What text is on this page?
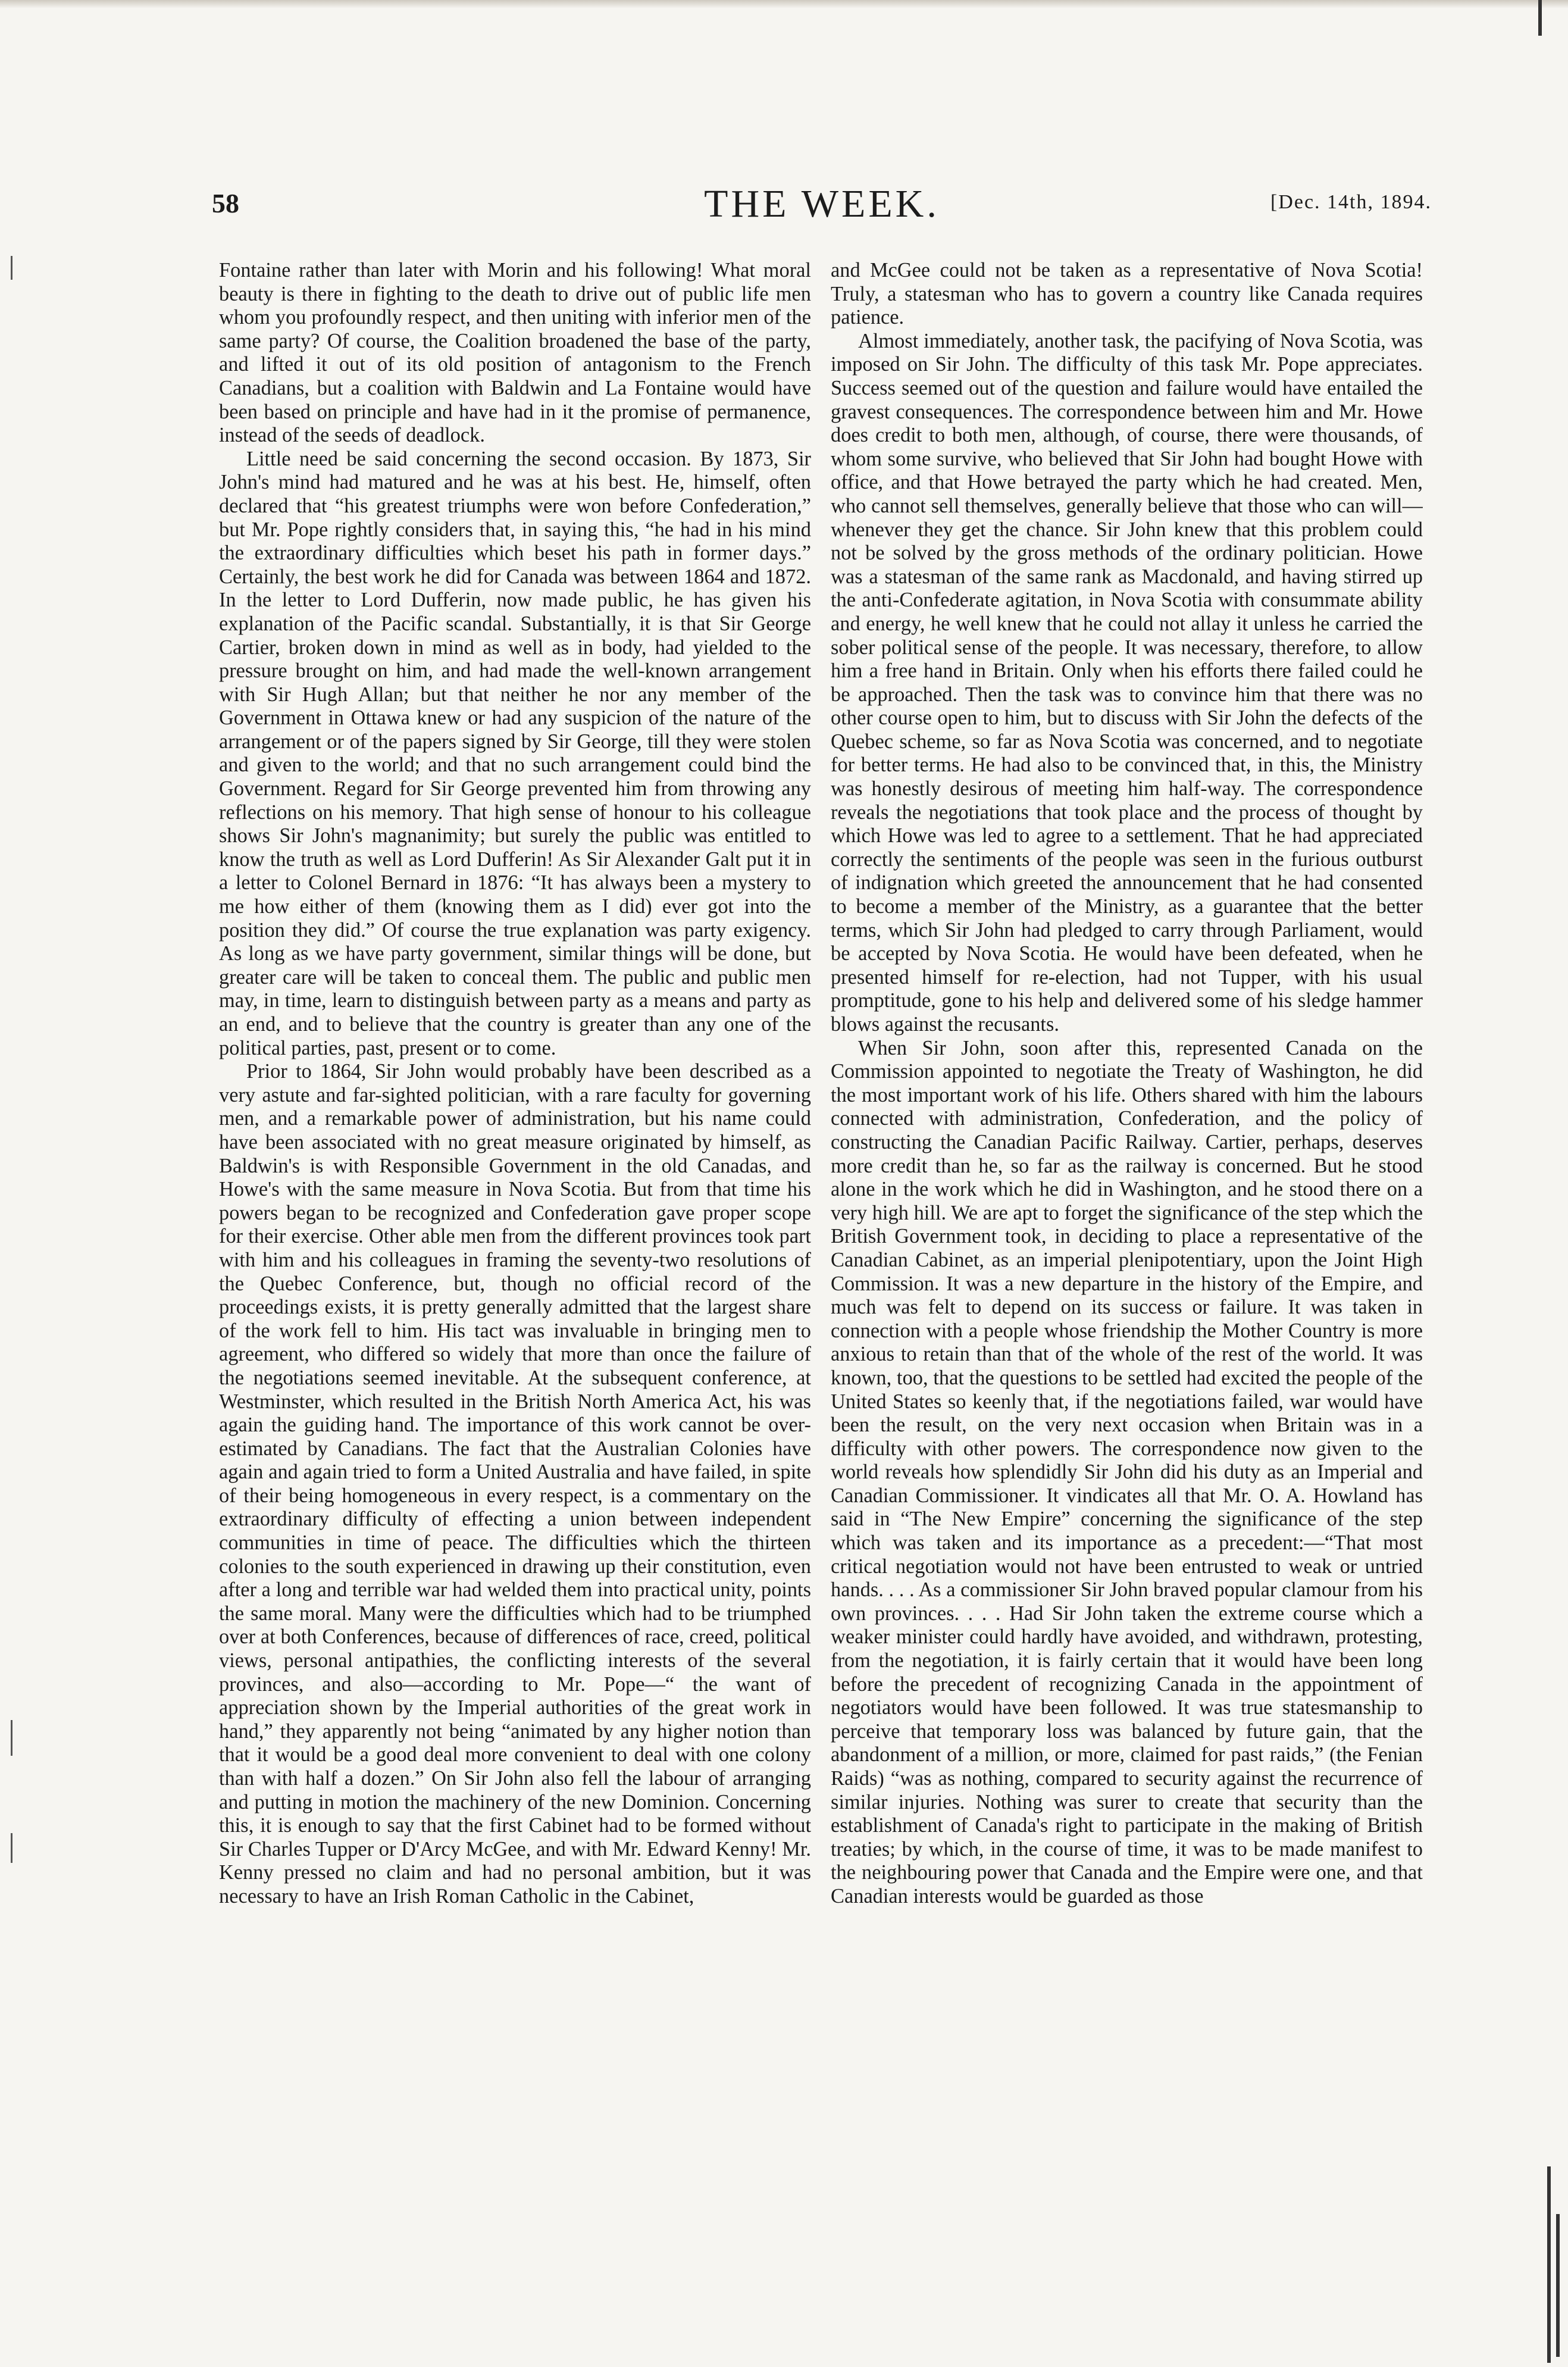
58	THE WEEK.	[Dec. 14th, 1894.

Fontaine rather than later with Morin and his following! What moral beauty is there in fighting to the death to drive out of public life men whom you profoundly respect, and then uniting with inferior men of the same party? Of course, the Coalition broadened the base of the party, and lifted it out of its old position of antagonism to the French Canadians, but a coalition with Baldwin and La Fontaine would have been based on principle and have had in it the promise of permanence, instead of the seeds of deadlock.

Little need be said concerning the second occasion. By 1873, Sir John's mind had matured and he was at his best. He, himself, often declared that “his greatest triumphs were won before Confederation,” but Mr. Pope rightly considers that, in saying this, “he had in his mind the extraordinary difficulties which beset his path in former days.” Certainly, the best work he did for Canada was between 1864 and 1872. In the letter to Lord Dufferin, now made public, he has given his explanation of the Pacific scandal. Substantially, it is that Sir George Cartier, broken down in mind as well as in body, had yielded to the pressure brought on him, and had made the well-known arrangement with Sir Hugh Allan; but that neither he nor any member of the Government in Ottawa knew or had any suspicion of the nature of the arrangement or of the papers signed by Sir George, till they were stolen and given to the world; and that no such arrangement could bind the Government. Regard for Sir George prevented him from throwing any reflections on his memory. That high sense of honour to his colleague shows Sir John's magnanimity; but surely the public was entitled to know the truth as well as Lord Dufferin! As Sir Alexander Galt put it in a letter to Colonel Bernard in 1876: “It has always been a mystery to me how either of them (knowing them as I did) ever got into the position they did.” Of course the true explanation was party exigency. As long as we have party government, similar things will be done, but greater care will be taken to conceal them. The public and public men may, in time, learn to distinguish between party as a means and party as an end, and to believe that the country is greater than any one of the political parties, past, present or to come.

Prior to 1864, Sir John would probably have been described as a very astute and far-sighted politician, with a rare faculty for governing men, and a remarkable power of administration, but his name could have been associated with no great measure originated by himself, as Baldwin's is with Responsible Government in the old Canadas, and Howe's with the same measure in Nova Scotia. But from that time his powers began to be recognized and Confederation gave proper scope for their exercise. Other able men from the different provinces took part with him and his colleagues in framing the seventy-two resolutions of the Quebec Conference, but, though no official record of the proceedings exists, it is pretty generally admitted that the largest share of the work fell to him. His tact was invaluable in bringing men to agreement, who differed so widely that more than once the failure of the negotiations seemed inevitable. At the subsequent conference, at Westminster, which resulted in the British North America Act, his was again the guiding hand. The importance of this work cannot be over-estimated by Canadians. The fact that the Australian Colonies have again and again tried to form a United Australia and have failed, in spite of their being homogeneous in every respect, is a commentary on the extraordinary difficulty of effecting a union between independent communities in time of peace. The difficulties which the thirteen colonies to the south experienced in drawing up their constitution, even after a long and terrible war had welded them into practical unity, points the same moral. Many were the difficulties which had to be triumphed over at both Conferences, because of differences of race, creed, political views, personal antipathies, the conflicting interests of the several provinces, and also—according to Mr. Pope—“ the want of appreciation shown by the Imperial authorities of the great work in hand,” they apparently not being “animated by any higher notion than that it would be a good deal more convenient to deal with one colony than with half a dozen.” On Sir John also fell the labour of arranging and putting in motion the machinery of the new Dominion. Concerning this, it is enough to say that the first Cabinet had to be formed without Sir Charles Tupper or D'Arcy McGee, and with Mr. Edward Kenny! Mr. Kenny pressed no claim and had no personal ambition, but it was necessary to have an Irish Roman Catholic in the Cabinet,

and McGee could not be taken as a representative of Nova Scotia! Truly, a statesman who has to govern a country like Canada requires patience.

Almost immediately, another task, the pacifying of Nova Scotia, was imposed on Sir John. The difficulty of this task Mr. Pope appreciates. Success seemed out of the question and failure would have entailed the gravest consequences. The correspondence between him and Mr. Howe does credit to both men, although, of course, there were thousands, of whom some survive, who believed that Sir John had bought Howe with office, and that Howe betrayed the party which he had created. Men, who cannot sell themselves, generally believe that those who can will—whenever they get the chance. Sir John knew that this problem could not be solved by the gross methods of the ordinary politician. Howe was a statesman of the same rank as Macdonald, and having stirred up the anti-Confederate agitation, in Nova Scotia with consummate ability and energy, he well knew that he could not allay it unless he carried the sober political sense of the people. It was necessary, therefore, to allow him a free hand in Britain. Only when his efforts there failed could he be approached. Then the task was to convince him that there was no other course open to him, but to discuss with Sir John the defects of the Quebec scheme, so far as Nova Scotia was concerned, and to negotiate for better terms. He had also to be convinced that, in this, the Ministry was honestly desirous of meeting him half-way. The correspondence reveals the negotiations that took place and the process of thought by which Howe was led to agree to a settlement. That he had appreciated correctly the sentiments of the people was seen in the furious outburst of indignation which greeted the announcement that he had consented to become a member of the Ministry, as a guarantee that the better terms, which Sir John had pledged to carry through Parliament, would be accepted by Nova Scotia. He would have been defeated, when he presented himself for re-election, had not Tupper, with his usual promptitude, gone to his help and delivered some of his sledge hammer blows against the recusants.

When Sir John, soon after this, represented Canada on the Commission appointed to negotiate the Treaty of Washington, he did the most important work of his life. Others shared with him the labours connected with administration, Confederation, and the policy of constructing the Canadian Pacific Railway. Cartier, perhaps, deserves more credit than he, so far as the railway is concerned. But he stood alone in the work which he did in Washington, and he stood there on a very high hill. We are apt to forget the significance of the step which the British Government took, in deciding to place a representative of the Canadian Cabinet, as an imperial plenipotentiary, upon the Joint High Commission. It was a new departure in the history of the Empire, and much was felt to depend on its success or failure. It was taken in connection with a people whose friendship the Mother Country is more anxious to retain than that of the whole of the rest of the world. It was known, too, that the questions to be settled had excited the people of the United States so keenly that, if the negotiations failed, war would have been the result, on the very next occasion when Britain was in a difficulty with other powers. The correspondence now given to the world reveals how splendidly Sir John did his duty as an Imperial and Canadian Commissioner. It vindicates all that Mr. O. A. Howland has said in “The New Empire” concerning the significance of the step which was taken and its importance as a precedent:—“That most critical negotiation would not have been entrusted to weak or untried hands. . . . As a commissioner Sir John braved popular clamour from his own provinces. . . . Had Sir John taken the extreme course which a weaker minister could hardly have avoided, and withdrawn, protesting, from the negotiation, it is fairly certain that it would have been long before the precedent of recognizing Canada in the appointment of negotiators would have been followed. It was true statesmanship to perceive that temporary loss was balanced by future gain, that the abandonment of a million, or more, claimed for past raids,” (the Fenian Raids) “was as nothing, compared to security against the recurrence of similar injuries. Nothing was surer to create that security than the establishment of Canada's right to participate in the making of British treaties; by which, in the course of time, it was to be made manifest to the neighbouring power that Canada and the Empire were one, and that Canadian interests would be guarded as those
